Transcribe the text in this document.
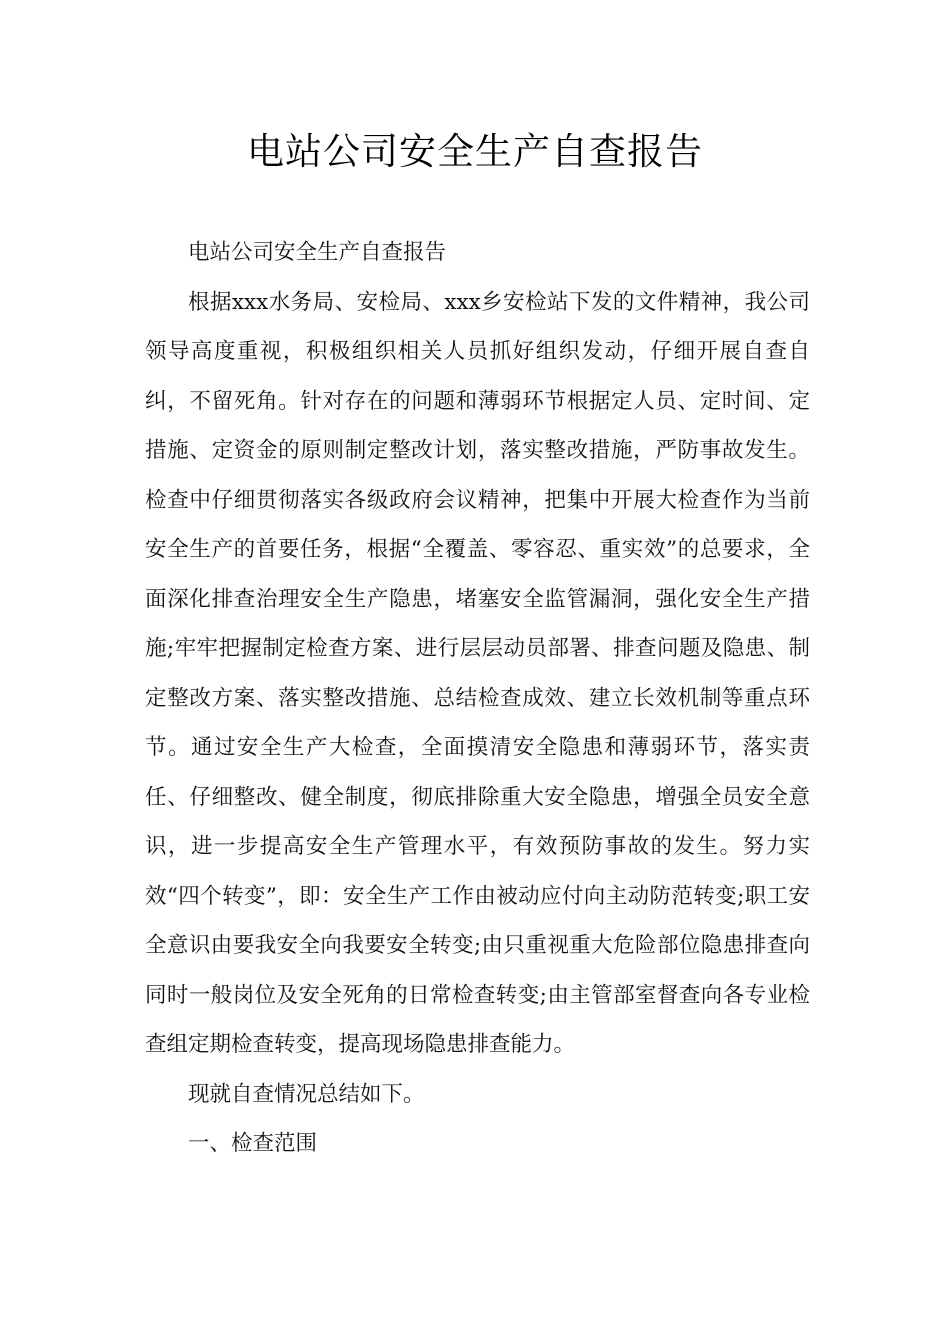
电站公司安全生产自查报告

电站公司安全生产自查报告

根据xxx水务局、安检局、xxx乡安检站下发的文件精神，我公司领导高度重视，积极组织相关人员抓好组织发动，仔细开展自查自纠，不留死角。针对存在的问题和薄弱环节根据定人员、定时间、定措施、定资金的原则制定整改计划，落实整改措施，严防事故发生。检查中仔细贯彻落实各级政府会议精神，把集中开展大检查作为当前安全生产的首要任务，根据“全覆盖、零容忍、重实效”的总要求，全面深化排查治理安全生产隐患，堵塞安全监管漏洞，强化安全生产措施;牢牢把握制定检查方案、进行层层动员部署、排查问题及隐患、制定整改方案、落实整改措施、总结检查成效、建立长效机制等重点环节。通过安全生产大检查，全面摸清安全隐患和薄弱环节，落实责任、仔细整改、健全制度，彻底排除重大安全隐患，增强全员安全意识，进一步提高安全生产管理水平，有效预防事故的发生。努力实效“四个转变”，即：安全生产工作由被动应付向主动防范转变;职工安全意识由要我安全向我要安全转变;由只重视重大危险部位隐患排查向同时一般岗位及安全死角的日常检查转变;由主管部室督查向各专业检查组定期检查转变，提高现场隐患排查能力。

现就自查情况总结如下。

一、检查范围
